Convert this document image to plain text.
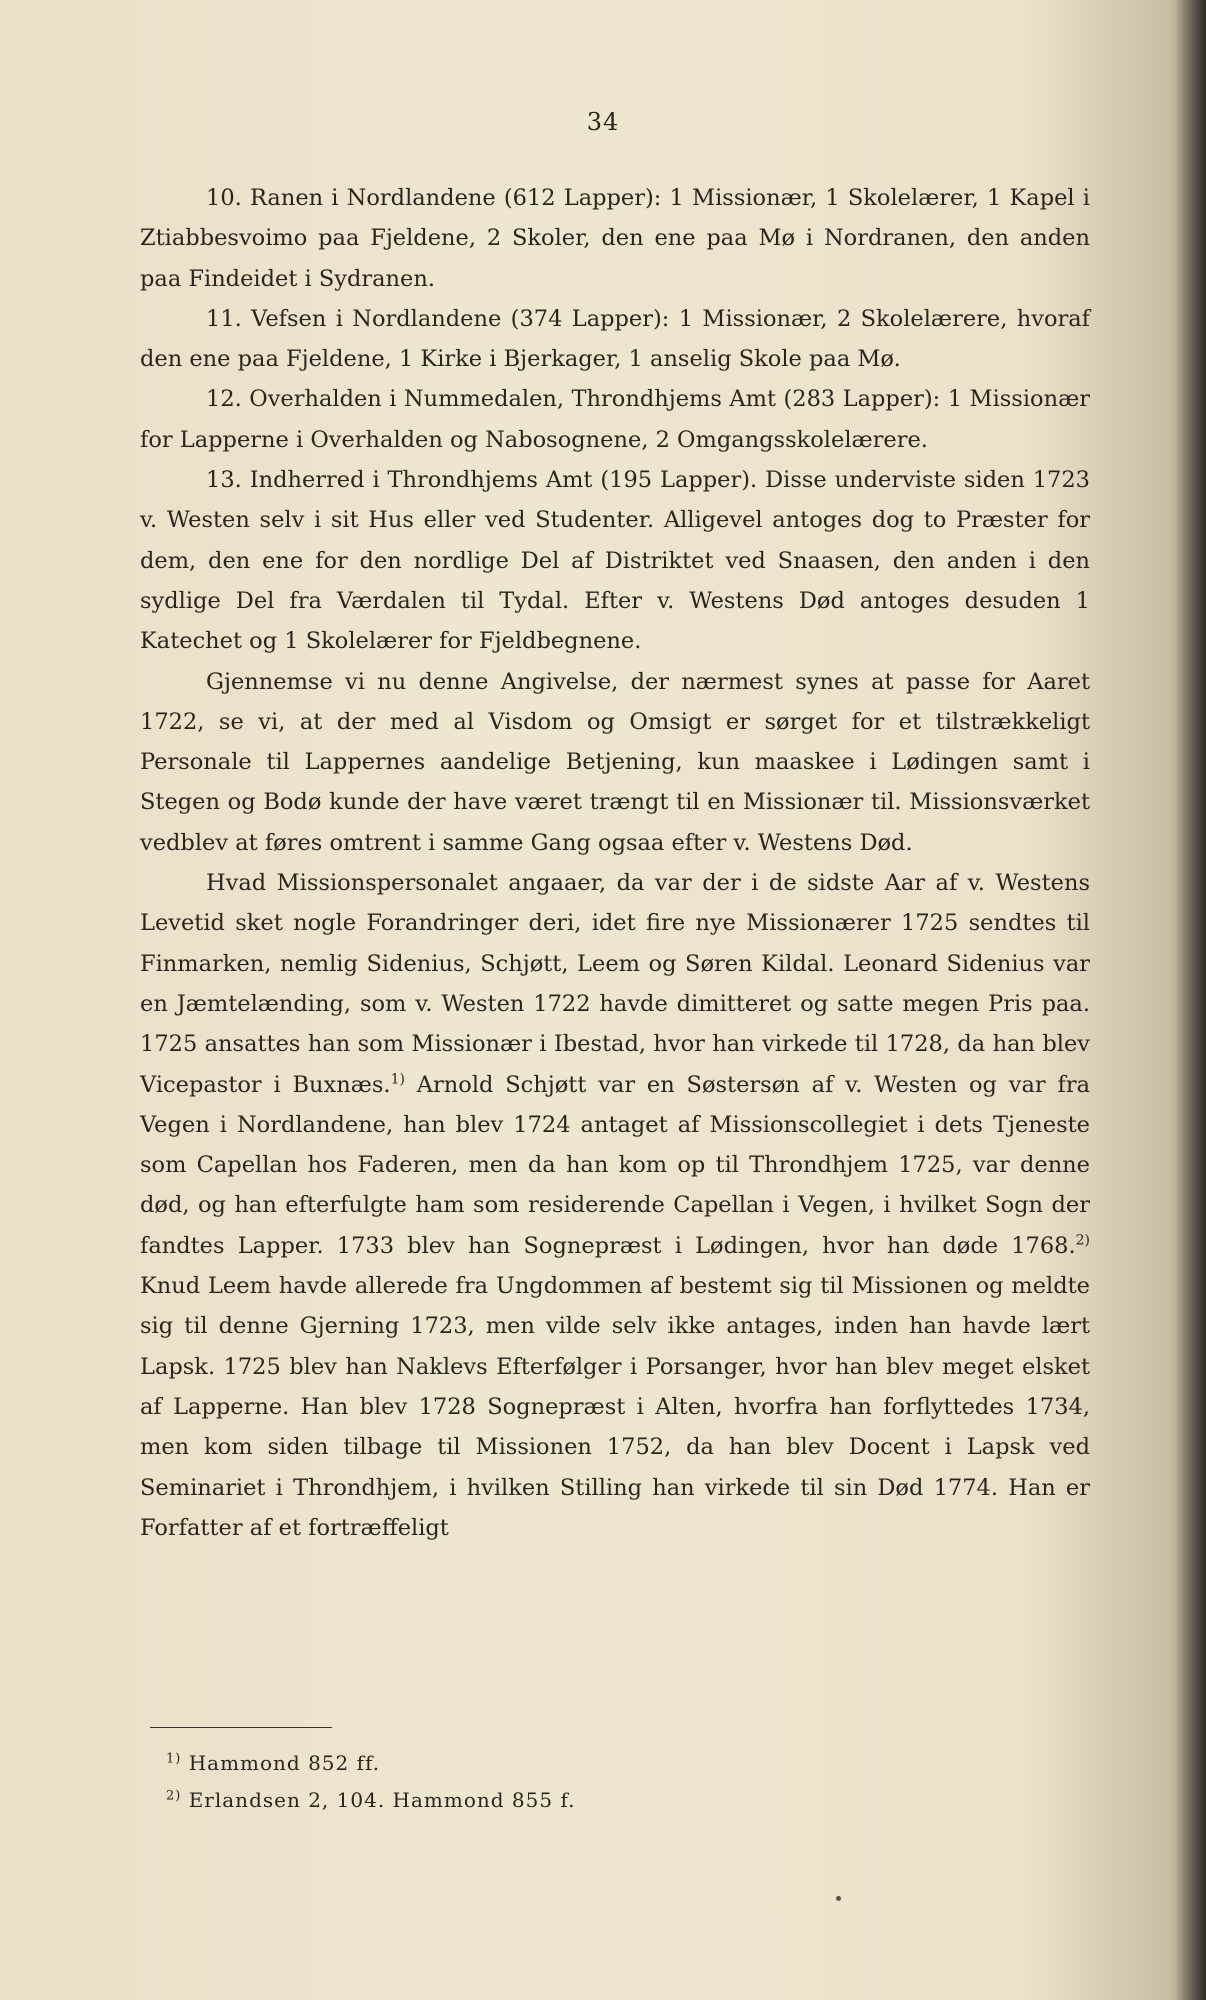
34

10. Ranen i Nordlandene (612 Lapper): 1 Missionær, 1 Skolelærer, 1 Kapel i Ztiabbesvoimo paa Fjeldene, 2 Skoler, den ene paa Mø i Nordranen, den anden paa Findeidet i Sydranen.

11. Vefsen i Nordlandene (374 Lapper): 1 Missionær, 2 Skolelærere, hvoraf den ene paa Fjeldene, 1 Kirke i Bjerkager, 1 anselig Skole paa Mø.

12. Overhalden i Nummedalen, Throndhjems Amt (283 Lapper): 1 Missionær for Lapperne i Overhalden og Nabosognene, 2 Omgangsskolelærere.

13. Indherred i Throndhjems Amt (195 Lapper). Disse underviste siden 1723 v. Westen selv i sit Hus eller ved Studenter. Alligevel antoges dog to Præster for dem, den ene for den nordlige Del af Distriktet ved Snaasen, den anden i den sydlige Del fra Værdalen til Tydal. Efter v. Westens Død antoges desuden 1 Katechet og 1 Skolelærer for Fjeldbegnene.

Gjennemse vi nu denne Angivelse, der nærmest synes at passe for Aaret 1722, se vi, at der med al Visdom og Omsigt er sørget for et tilstrækkeligt Personale til Lappernes aandelige Betjening, kun maaskee i Lødingen samt i Stegen og Bodø kunde der have været trængt til en Missionær til. Missionsværket vedblev at føres omtrent i samme Gang ogsaa efter v. Westens Død.

Hvad Missionspersonalet angaaer, da var der i de sidste Aar af v. Westens Levetid sket nogle Forandringer deri, idet fire nye Missionærer 1725 sendtes til Finmarken, nemlig Sidenius, Schjøtt, Leem og Søren Kildal. Leonard Sidenius var en Jæmtelænding, som v. Westen 1722 havde dimitteret og satte megen Pris paa. 1725 ansattes han som Missionær i Ibestad, hvor han virkede til 1728, da han blev Vicepastor i Buxnæs.$^{1)}$ Arnold Schjøtt var en Søstersøn af v. Westen og var fra Vegen i Nordlandene, han blev 1724 antaget af Missionscollegiet i dets Tjeneste som Capellan hos Faderen, men da han kom op til Throndhjem 1725, var denne død, og han efterfulgte ham som residerende Capellan i Vegen, i hvilket Sogn der fandtes Lapper. 1733 blev han Sognepræst i Lødingen, hvor han døde 1768.$^{2)}$ Knud Leem havde allerede fra Ungdommen af bestemt sig til Missionen og meldte sig til denne Gjerning 1723, men vilde selv ikke antages, inden han havde lært Lapsk. 1725 blev han Naklevs Efterfølger i Porsanger, hvor han blev meget elsket af Lapperne. Han blev 1728 Sognepræst i Alten, hvorfra han forflyttedes 1734, men kom siden tilbage til Missionen 1752, da han blev Docent i Lapsk ved Seminariet i Throndhjem, i hvilken Stilling han virkede til sin Død 1774. Han er Forfatter af et fortræffeligt

$^{1)}$ Hammond 852 ff.

$^{2)}$ Erlandsen 2, 104. Hammond 855 f.
